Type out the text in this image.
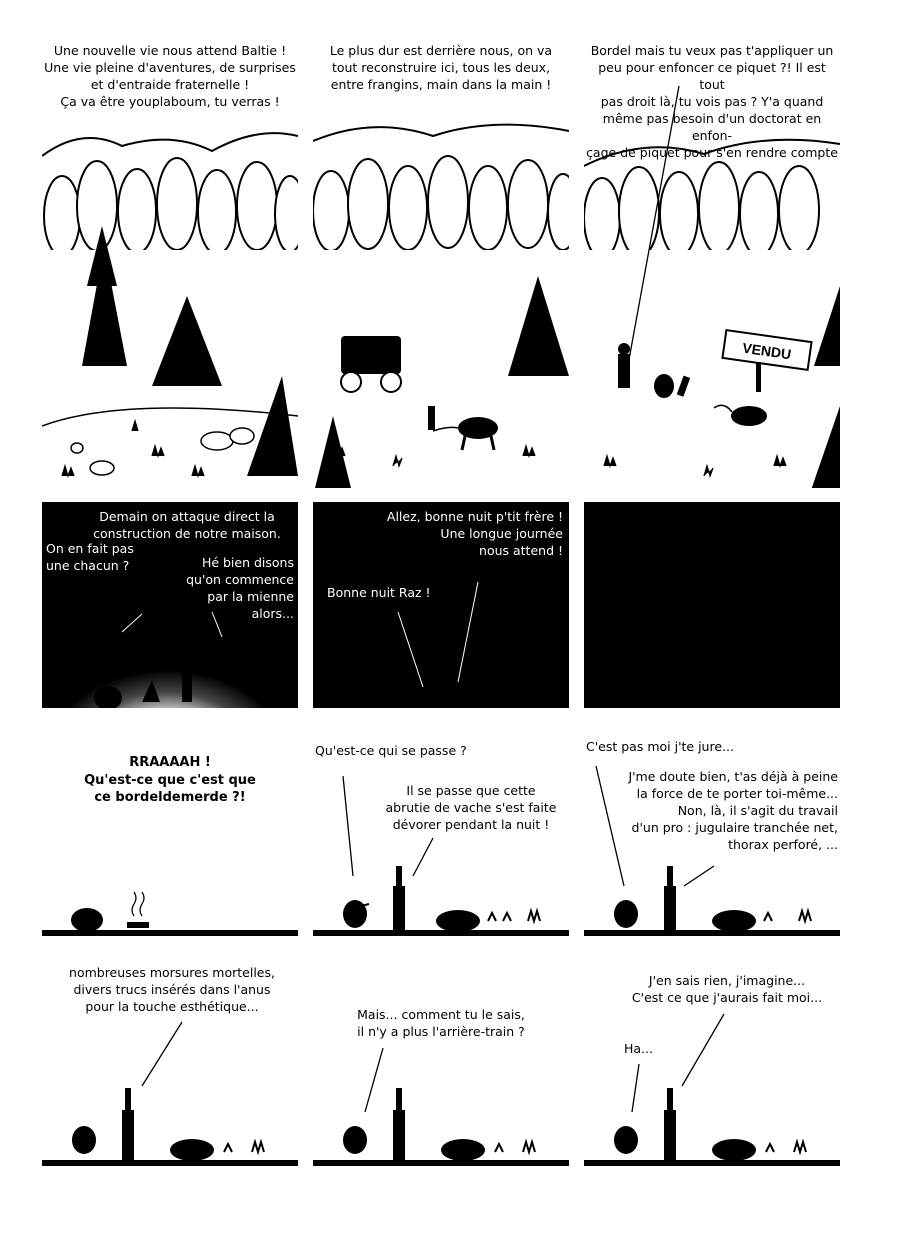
Une nouvelle vie nous attend Baltie !
Une vie pleine d'aventures, de surprises
et d'entraide fraternelle !
Ça va être youplaboum, tu verras !
Le plus dur est derrière nous, on va
tout reconstruire ici, tous les deux,
entre frangins, main dans la main !
Bordel mais tu veux pas t'appliquer un
peu pour enfoncer ce piquet ?! Il est tout
pas droit là, tu vois pas ? Y'a quand
même pas besoin d'un doctorat en enfon-
çage de piquet pour s'en rendre compte
VENDU
Demain on attaque direct la
construction de notre maison.
On en fait pas
une chacun ?	Hé bien disons
qu'on commence
par la mienne
alors...
Allez, bonne nuit p'tit frère !
Une longue journée
nous attend !
Bonne nuit Raz !
RRAAAAH !
Qu'est-ce que c'est que
ce bordeldemerde ?!
Qu'est-ce qui se passe ?
Il se passe que cette
abrutie de vache s'est faite
dévorer pendant la nuit !
C'est pas moi j'te jure...
J'me doute bien, t'as déjà à peine
la force de te porter toi-même...
Non, là, il s'agit du travail
d'un pro : jugulaire tranchée net,
thorax perforé, ...
nombreuses morsures mortelles,
divers trucs insérés dans l'anus
pour la touche esthétique...
Mais... comment tu le sais,
il n'y a plus l'arrière-train ?
J'en sais rien, j'imagine...
C'est ce que j'aurais fait moi...
Ha...
